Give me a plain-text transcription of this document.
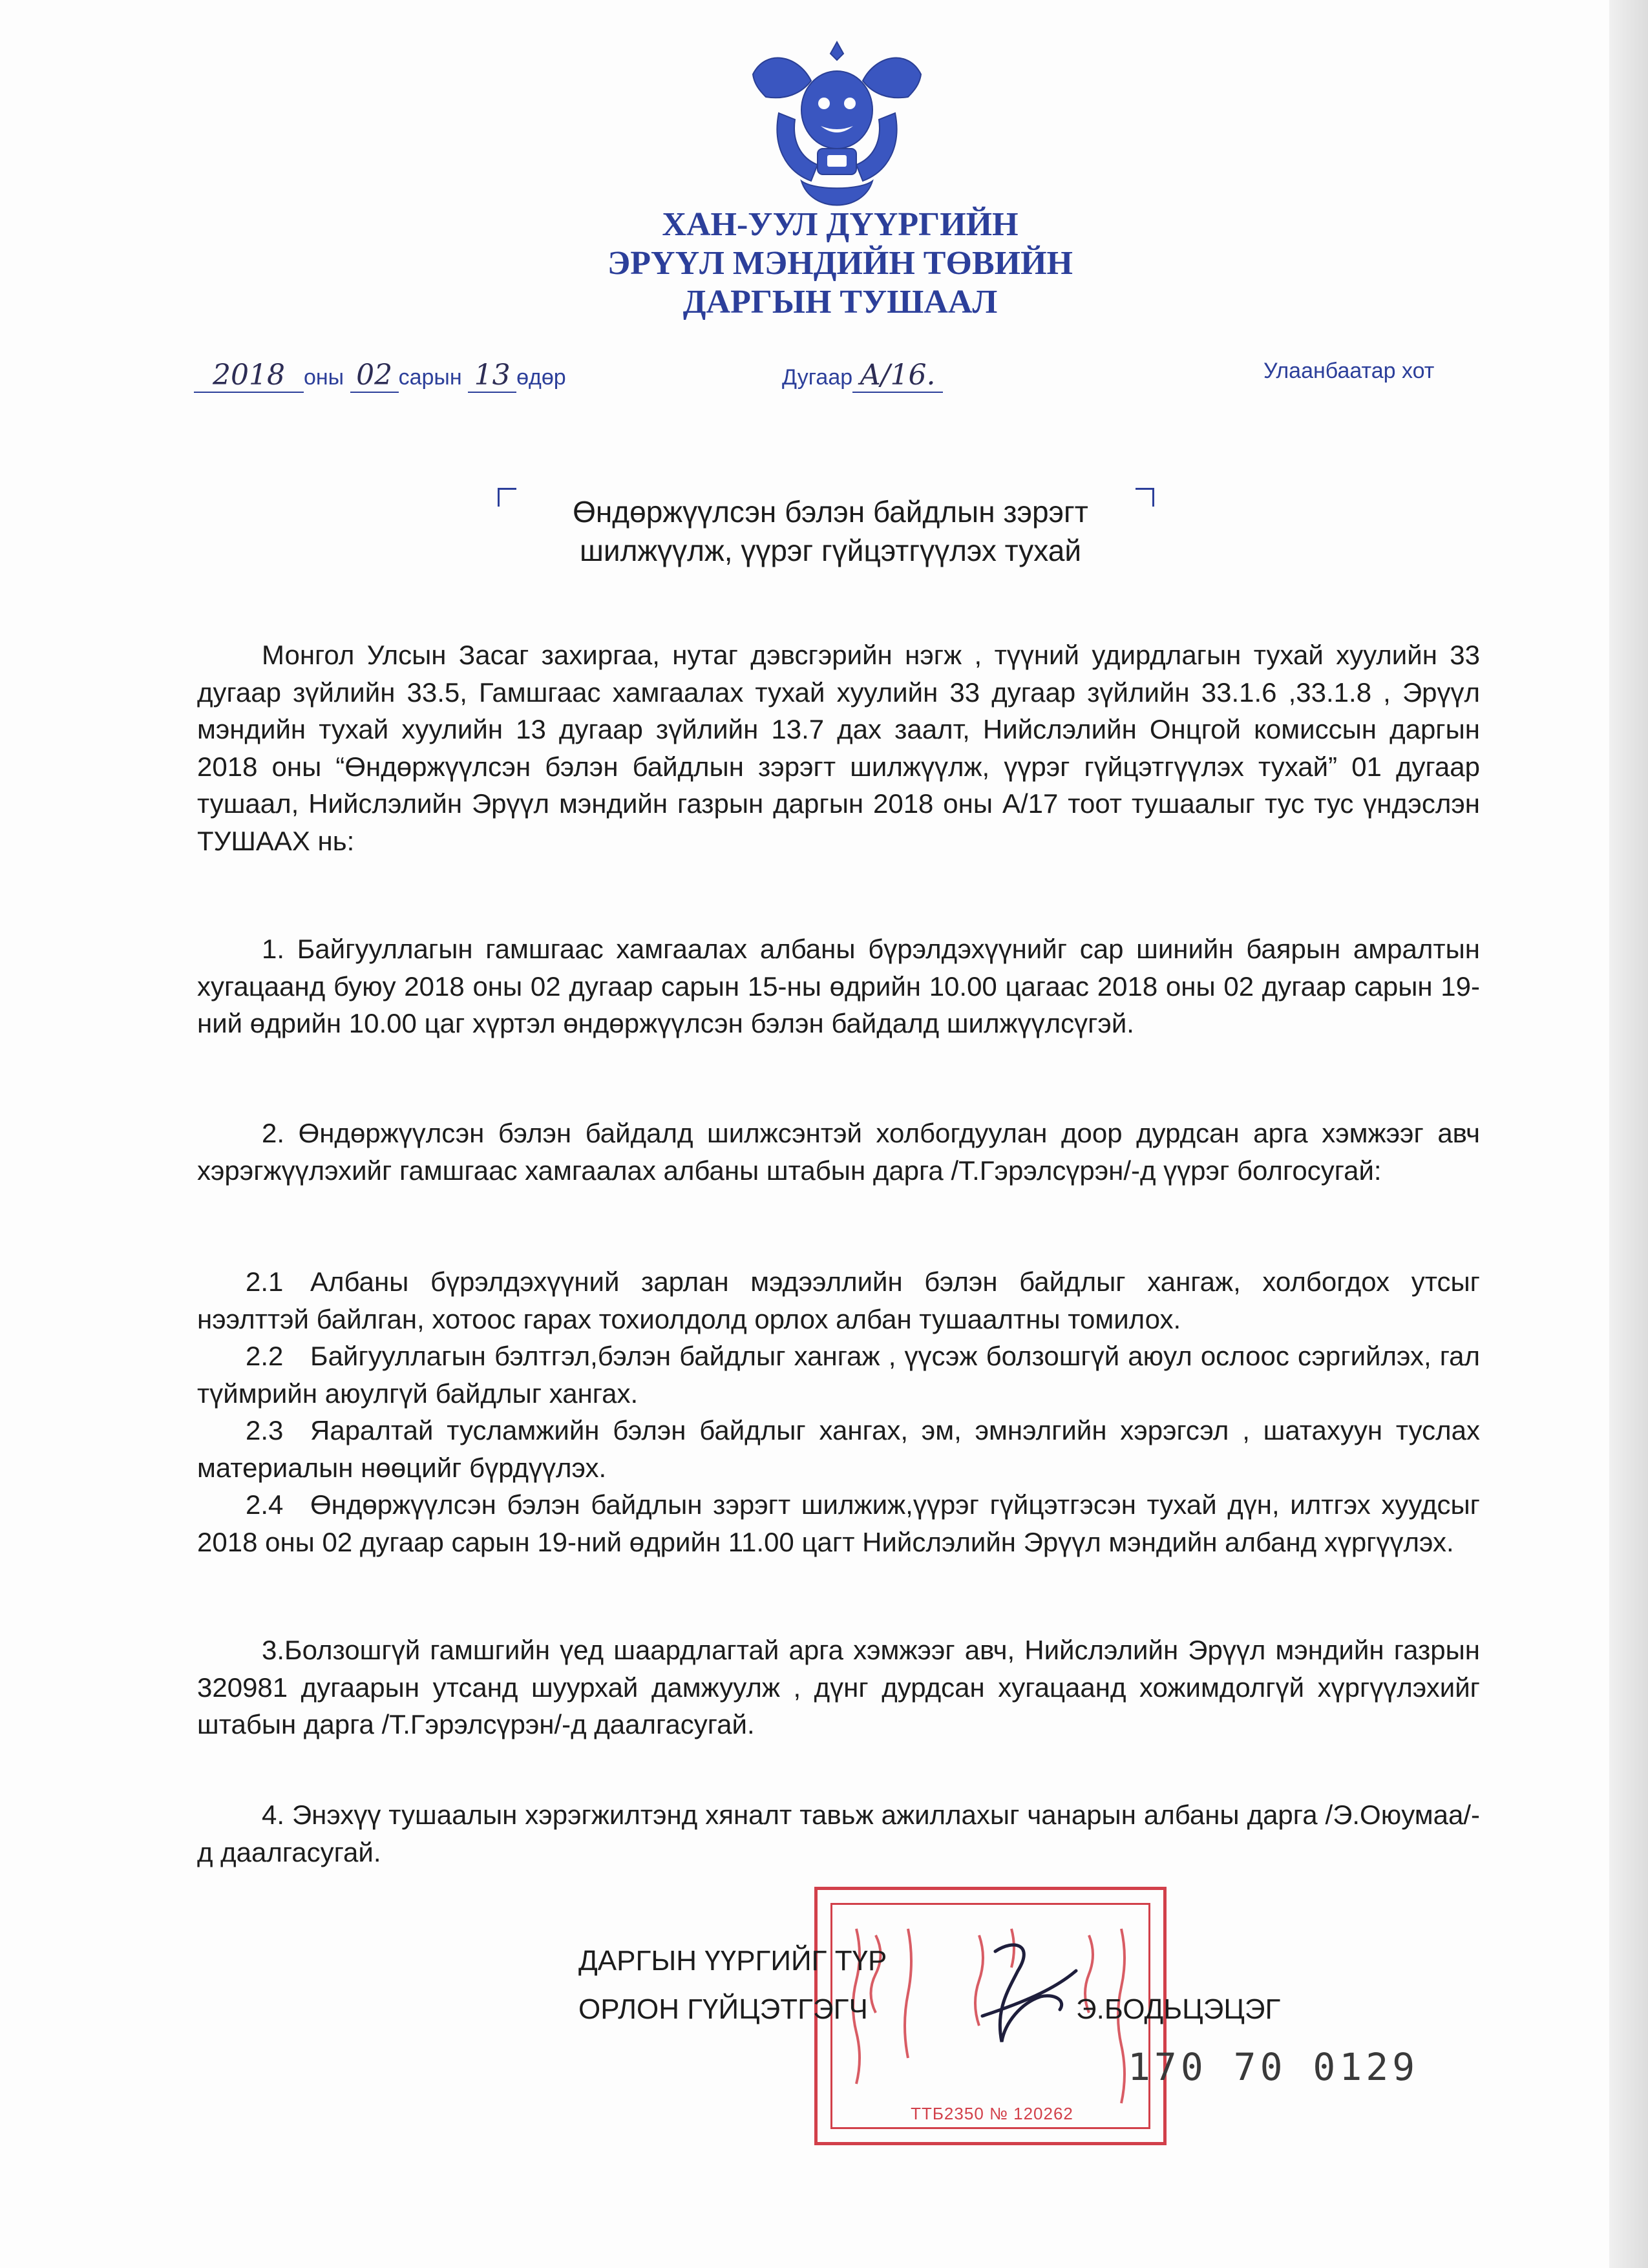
ХАН-УУЛ ДҮҮРГИЙН
ЭРҮҮЛ МЭНДИЙН ТӨВИЙН
ДАРГЫН ТУШААЛ
2018 оны 02 сарын 13 өдөр	Дугаар A/16.	Улаанбаатар хот
Өндөржүүлсэн бэлэн байдлын зэрэгт
шилжүүлж, үүрэг гүйцэтгүүлэх тухай

Монгол Улсын Засаг захиргаа, нутаг дэвсгэрийн нэгж , түүний удирдлагын тухай хуулийн 33 дугаар зүйлийн 33.5, Гамшгаас хамгаалах тухай хуулийн 33 дугаар зүйлийн 33.1.6 ,33.1.8 , Эрүүл мэндийн тухай хуулийн 13 дугаар зүйлийн 13.7 дах заалт, Нийслэлийн Онцгой комиссын даргын 2018 оны “Өндөржүүлсэн бэлэн байдлын зэрэгт шилжүүлж, үүрэг гүйцэтгүүлэх тухай” 01 дугаар тушаал, Нийслэлийн Эрүүл мэндийн газрын даргын 2018 оны А/17 тоот тушаалыг тус тус үндэслэн ТУШААХ нь:

1. Байгууллагын гамшгаас хамгаалах албаны бүрэлдэхүүнийг сар шинийн баярын амралтын хугацаанд буюу 2018 оны 02 дугаар сарын 15-ны өдрийн 10.00 цагаас 2018 оны 02 дугаар сарын 19-ний өдрийн 10.00 цаг хүртэл өндөржүүлсэн бэлэн байдалд шилжүүлсүгэй.

2. Өндөржүүлсэн бэлэн байдалд шилжсэнтэй холбогдуулан доор дурдсан арга хэмжээг авч хэрэгжүүлэхийг гамшгаас хамгаалах албаны штабын дарга /Т.Гэрэлсүрэн/-д үүрэг болгосугай:

2.1 Албаны бүрэлдэхүүний зарлан мэдээллийн бэлэн байдлыг хангаж, холбогдох утсыг нээлттэй байлган, хотоос гарах тохиолдолд орлох албан тушаалтны томилох.

2.2 Байгууллагын бэлтгэл,бэлэн байдлыг хангаж , үүсэж болзошгүй аюул ослоос сэргийлэх, гал түймрийн аюулгүй байдлыг хангах.

2.3 Яаралтай тусламжийн бэлэн байдлыг хангах, эм, эмнэлгийн хэрэгсэл , шатахуун туслах материалын нөөцийг бүрдүүлэх.

2.4 Өндөржүүлсэн бэлэн байдлын зэрэгт шилжиж,үүрэг гүйцэтгэсэн тухай дүн, илтгэх хуудсыг 2018 оны 02 дугаар сарын 19-ний өдрийн 11.00 цагт Нийслэлийн Эрүүл мэндийн албанд хүргүүлэх.

3.Болзошгүй гамшгийн үед шаардлагтай арга хэмжээг авч, Нийслэлийн Эрүүл мэндийн газрын 320981 дугаарын утсанд шуурхай дамжуулж , дүнг дурдсан хугацаанд хожимдолгүй хүргүүлэхийг штабын дарга /Т.Гэрэлсүрэн/-д даалгасугай.

4. Энэхүү тушаалын хэрэгжилтэнд хяналт тавьж ажиллахыг чанарын албаны дарга /Э.Оюумаа/-д даалгасугай.

ТТБ2350 № 120262
ДАРГЫН ҮҮРГИЙГ ТҮР
ОРЛОН ГҮЙЦЭТГЭГЧ	Э.БОДЬЦЭЦЭГ
170 70 0129
